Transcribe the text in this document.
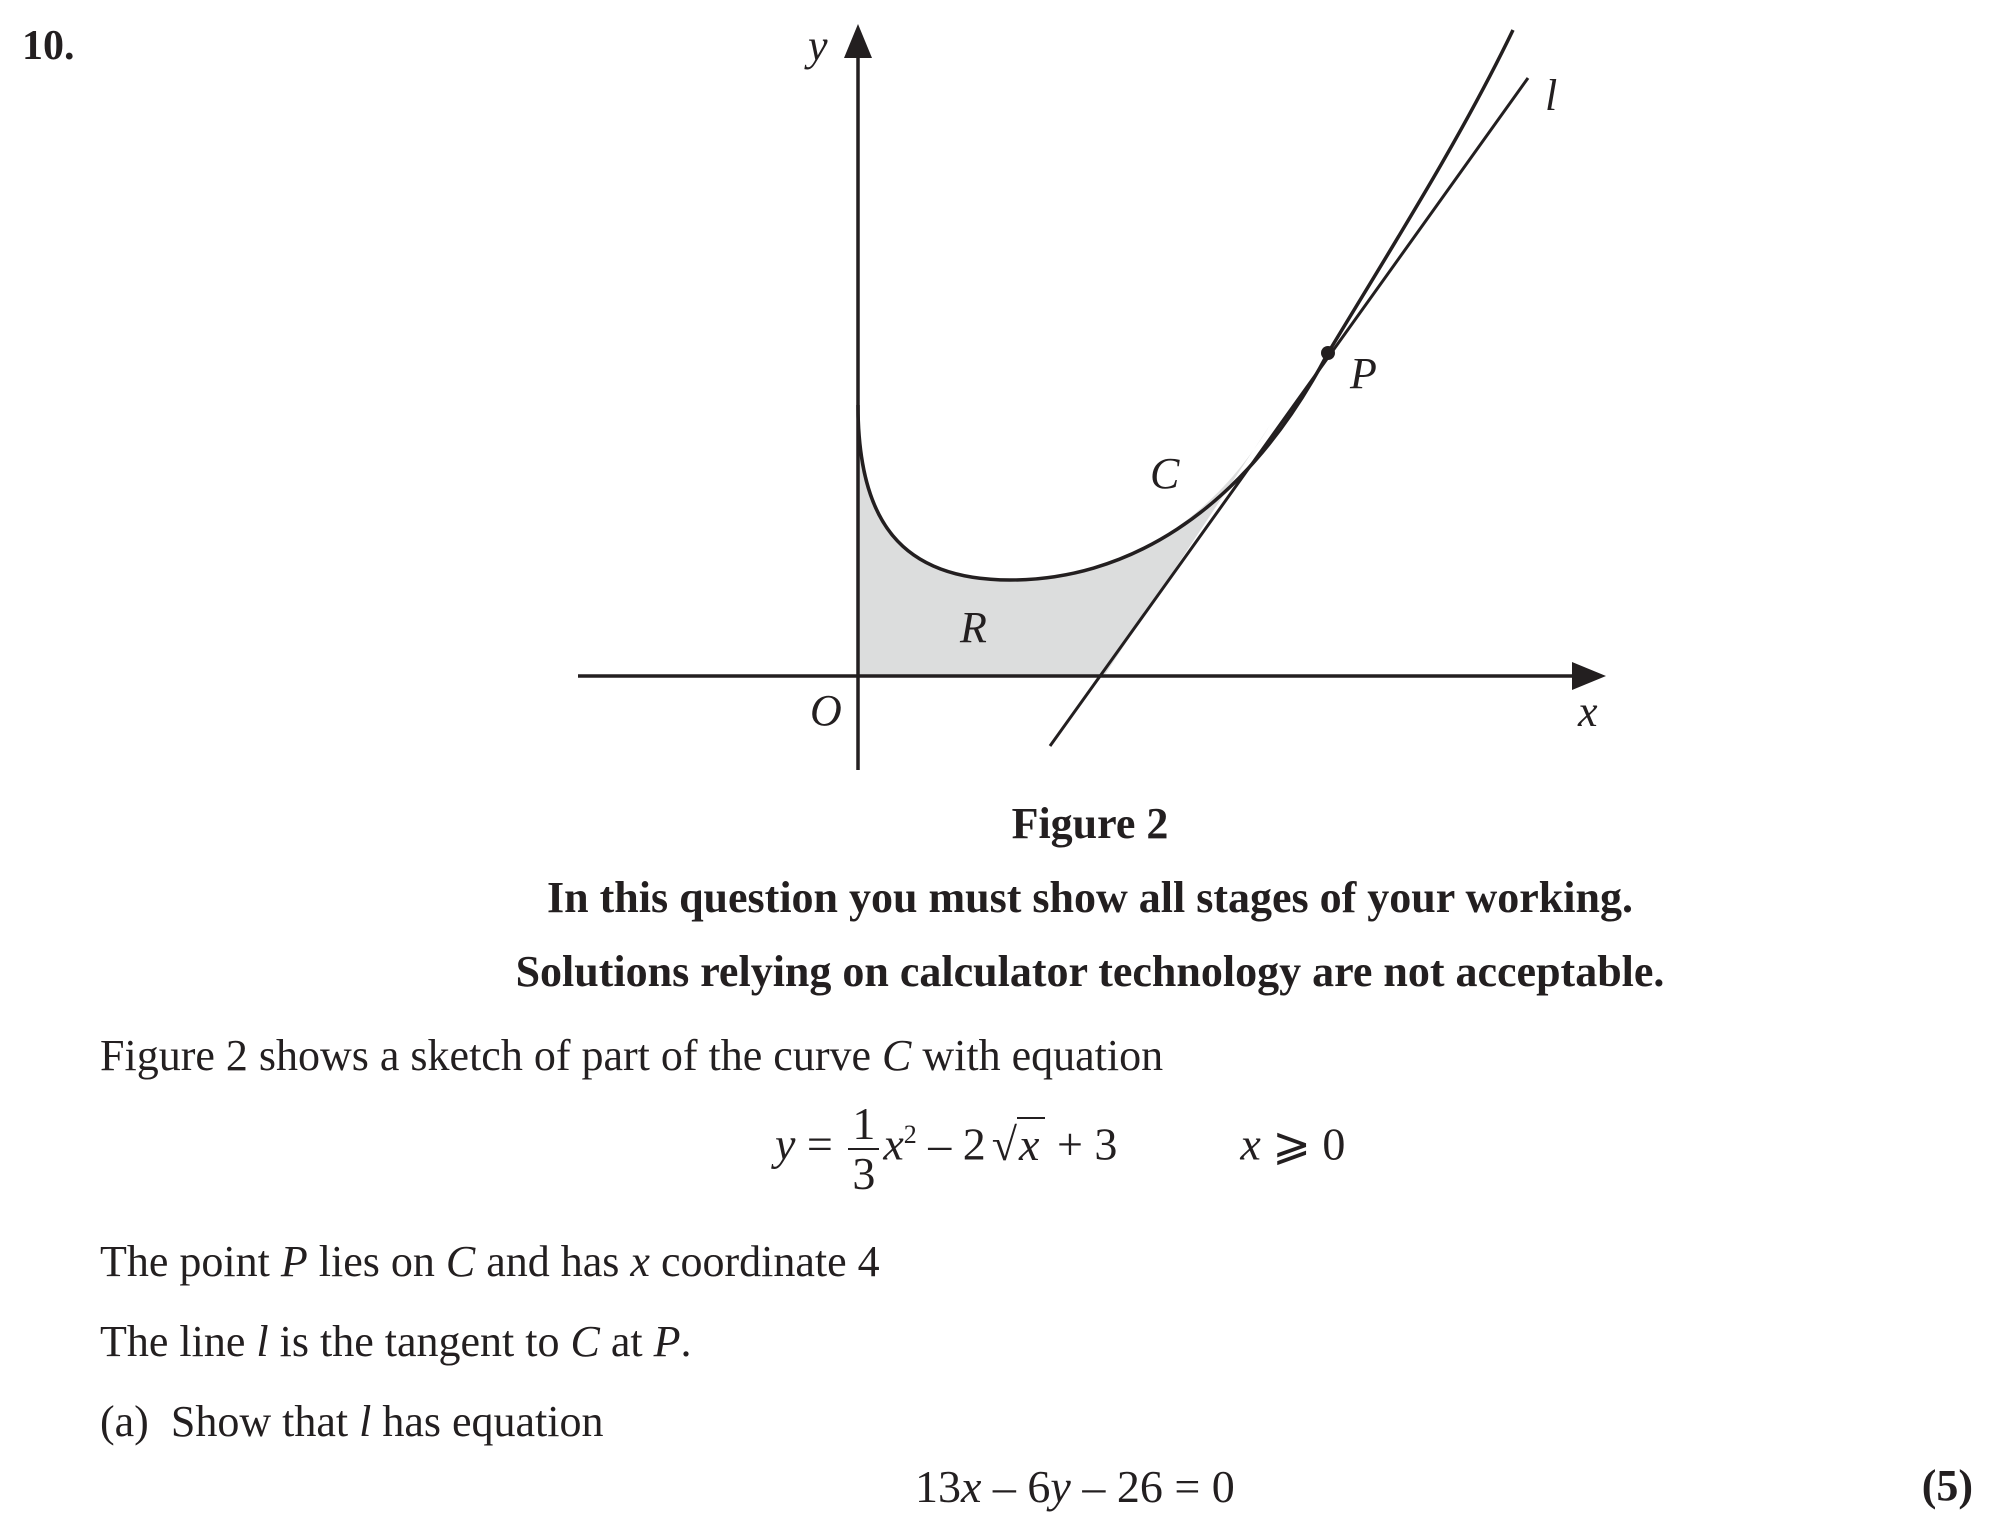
10.	y
x
O
C
l
P
R
Figure 2
In this question you must show all stages of your working.
Solutions relying on calculator technology are not acceptable.
Figure 2 shows a sketch of part of the curve C with equation
$y = \frac{1}{3} x^2 - 2$ √x + 3	x ⩾ 0
The point P lies on C and has x coordinate 4
The line l is the tangent to C at P.
(a) Show that l has equation
13x – 6y – 26 = 0	(5)
